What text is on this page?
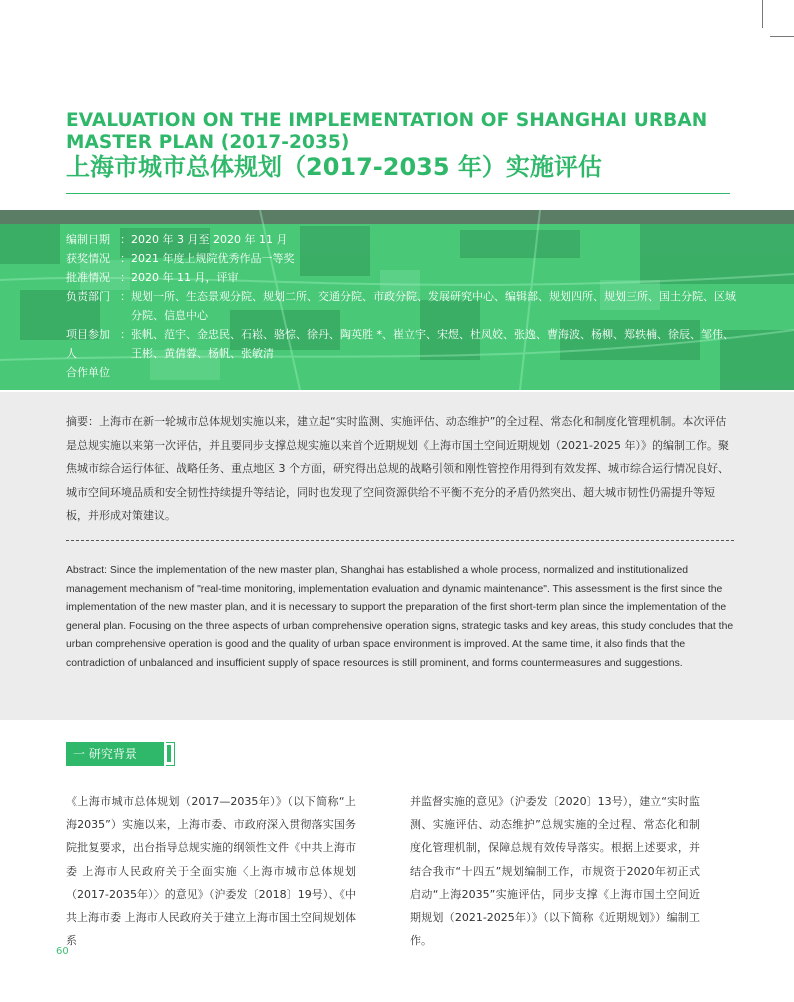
EVALUATION ON THE IMPLEMENTATION OF SHANGHAI URBAN MASTER PLAN (2017-2035)
上海市城市总体规划（2017-2035 年）实施评估
编制日期 ： 2020 年 3 月至 2020 年 11 月
获奖情况 ： 2021 年度上规院优秀作品一等奖
批准情况 ： 2020 年 11 月，评审
负责部门 ： 规划一所、生态景观分院、规划二所、交通分院、市政分院、发展研究中心、编辑部、规划四所、规划三所、国土分院、区域分院、信息中心
项目参加人
： 张帆、范宇、金忠民、石崧、骆悰、徐丹、陶英胜 *、崔立宇、宋煜、杜凤姣、张逸、曹海波、杨柳、郑轶楠、徐辰、邹伟、王彬、黄倩蓉、杨帆、张敏清
合作单位

摘要：上海市在新一轮城市总体规划实施以来，建立起“实时监测、实施评估、动态维护”的全过程、常态化和制度化管理机制。本次评估是总规实施以来第一次评估，并且要同步支撑总规实施以来首个近期规划《上海市国土空间近期规划（2021-2025 年）》的编制工作。聚焦城市综合运行体征、战略任务、重点地区 3 个方面，研究得出总规的战略引领和刚性管控作用得到有效发挥、城市综合运行情况良好、城市空间环境品质和安全韧性持续提升等结论，同时也发现了空间资源供给不平衡不充分的矛盾仍然突出、超大城市韧性仍需提升等短板，并形成对策建议。

Abstract: Since the implementation of the new master plan, Shanghai has established a whole process, normalized and institutionalized management mechanism of "real-time monitoring, implementation evaluation and dynamic maintenance". This assessment is the first since the implementation of the new master plan, and it is necessary to support the preparation of the first short-term plan since the implementation of the general plan. Focusing on the three aspects of urban comprehensive operation signs, strategic tasks and key areas, this study concludes that the urban comprehensive operation is good and the quality of urban space environment is improved. At the same time, it also finds that the contradiction of unbalanced and insufficient supply of space resources is still prominent, and forms countermeasures and suggestions.

一 研究背景

《上海市城市总体规划（2017—2035年）》（以下简称“上海2035”）实施以来，上海市委、市政府深入贯彻落实国务院批复要求，出台指导总规实施的纲领性文件《中共上海市委 上海市人民政府关于全面实施〈上海市城市总体规划（2017-2035年）〉的意见》（沪委发〔2018〕19号）、《中共上海市委 上海市人民政府关于建立上海市国土空间规划体系

并监督实施的意见》（沪委发〔2020〕13号），建立“实时监测、实施评估、动态维护”总规实施的全过程、常态化和制度化管理机制，保障总规有效传导落实。根据上述要求，并结合我市“十四五”规划编制工作，市规资于2020年初正式启动“上海2035”实施评估，同步支撑《上海市国土空间近期规划（2021-2025年）》（以下简称《近期规划》）编制工作。

60
